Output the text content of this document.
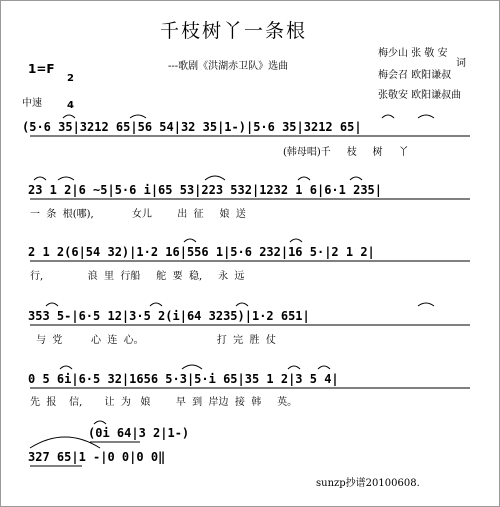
千枝树丫一条根
1=F

2

4

---歌剧《洪湖赤卫队》选曲
梅少山 张 敬 安
词
梅会召 欧阳谦叔
张敬安 欧阳谦叔曲
中速
(5·6 35|3212 65|56 54|32 35|1-)|5·6 35|3212 65|
(韩母唱)千     枝     树     丫
23 1 2|6 ~5|5·6 i|65 53|223 532|1232 1 6|6·1 235|
一  条  根(哪),            女儿        出  征     娘  送
2 1 2(6|54 32)|1·2 16|556 1|5·6 232|16 5·|2 1 2|
行,              浪  里  行船     舵  要  稳,     永  远
353 5-|6·5 12|3·5 2(i|64 3235)|1·2 651|
与  党         心  连  心。                       打  完  胜  仗
0 5 6i|6·5 32|1656 5·3|5·i 65|35 1 2|3 5 4|
先  报    信,       让  为   娘        早  到  岸边  接  韩     英。
(0i 64|3 2|1-)
327 65|1 -|0 0|0 0‖
sunzp抄谱20100608.
